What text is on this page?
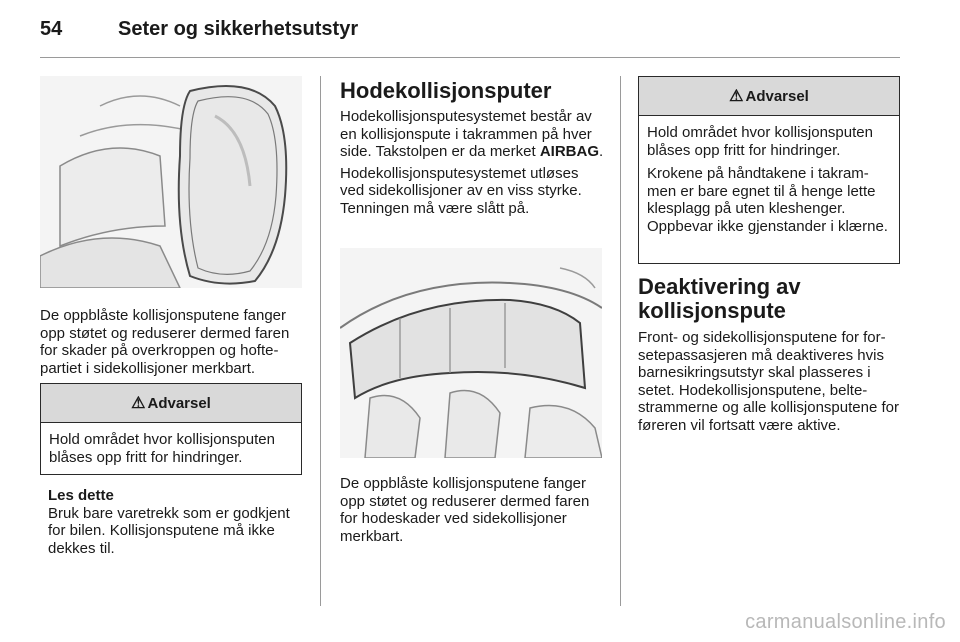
54	Seter og sikkerhetsutstyr

De oppblåste kollisjonsputene fanger opp støtet og reduserer dermed faren for skader på overkroppen og hofte-partiet i sidekollisjoner merkbart.

⚠ Advarsel

Hold området hvor kollisjonsputen blåses opp fritt for hindringer.

Les dette

Bruk bare varetrekk som er godkjent for bilen. Kollisjonsputene må ikke dekkes til.

Hodekollisjonsputer

Hodekollisjonsputesystemet består av en kollisjonspute i takrammen på hver side. Takstolpen er da merket AIRBAG.

Hodekollisjonsputesystemet utløses ved sidekollisjoner av en viss styrke. Tenningen må være slått på.

De oppblåste kollisjonsputene fanger opp støtet og reduserer dermed faren for hodeskader ved sidekollisjoner merkbart.

⚠ Advarsel

Hold området hvor kollisjonsputen blåses opp fritt for hindringer.

Krokene på håndtakene i takram-men er bare egnet til å henge lette klesplagg på uten kleshenger. Oppbevar ikke gjenstander i klærne.

Deaktivering av kollisjonspute

Front- og sidekollisjonsputene for for-setepassasjeren må deaktiveres hvis barnesikringsutstyr skal plasseres i setet. Hodekollisjonsputene, belte-strammerne og alle kollisjonsputene for føreren vil fortsatt være aktive.

carmanualsonline.info
